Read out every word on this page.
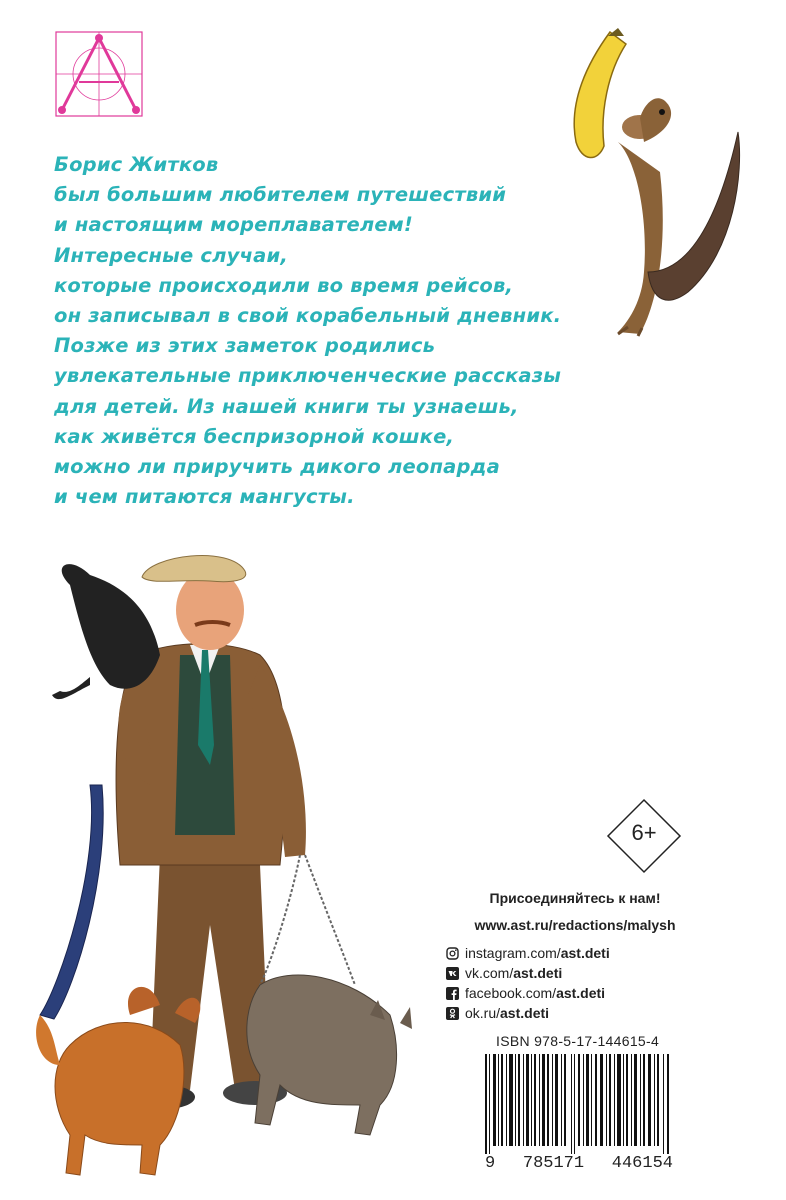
Борис Житков
был большим любителем путешествий
и настоящим мореплавателем!
Интересные случаи,
которые происходили во время рейсов,
он записывал в свой корабельный дневник.
Позже из этих заметок родились
увлекательные приключенческие рассказы
для детей. Из нашей книги ты узнаешь,
как живётся беспризорной кошке,
можно ли приручить дикого леопарда
и чем питаются мангусты.
6+
Присоединяйтесь к нам!
www.ast.ru/redactions/malysh
instagram.com/ ast.deti
vk.com/ ast.deti
facebook.com/ ast.deti
ok.ru/ ast.deti
ISBN 978-5-17-144615-4
9 785171 446154
